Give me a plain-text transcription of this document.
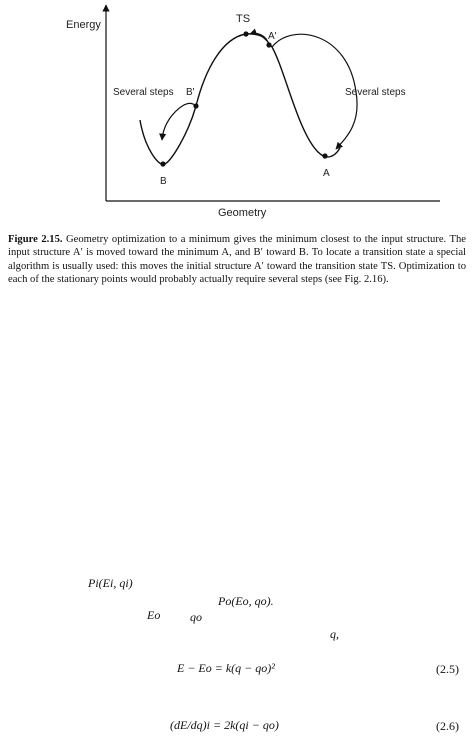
Energy
Geometry
TS
A'
B'
B
A
Several steps	Several steps

Figure 2.15. Geometry optimization to a minimum gives the minimum closest to the input structure. The input structure A′ is moved toward the minimum A, and B′ toward B. To locate a transition state a special algorithm is usually used: this moves the initial structure A′ toward the transition state TS. Optimization to each of the stationary points would probably actually require several steps (see Fig. 2.16).

Pi(Ei, qi)
Po(Eo, qo).
Eo qo
q,
E − Eo = k(q − qo)²	(2.5)
(dE/dq)i = 2k(qi − qo)	(2.6)
